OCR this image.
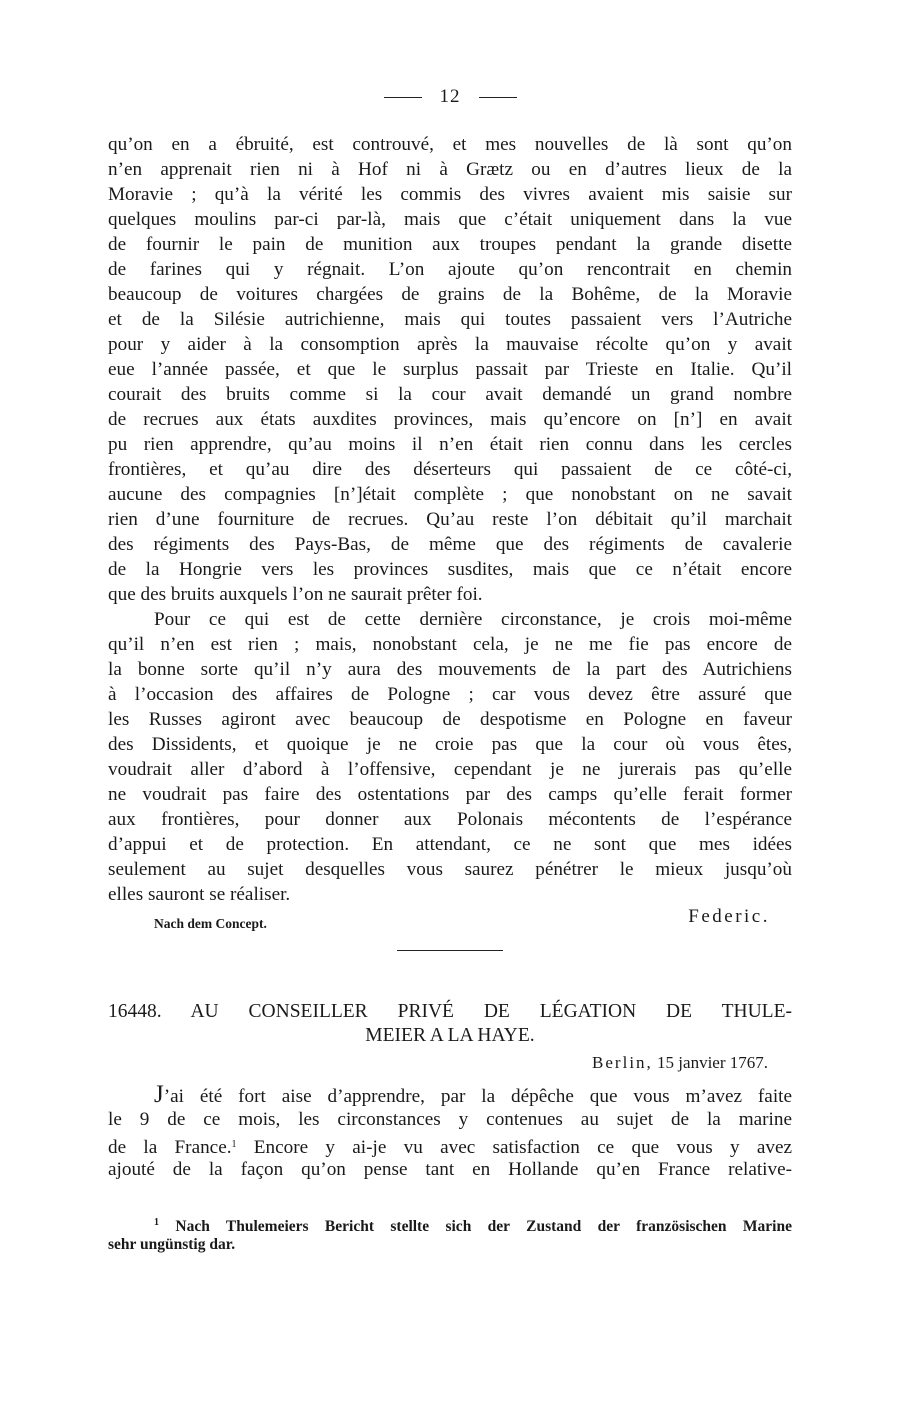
12
qu’on en a ébruité, est controuvé, et mes nouvelles de là sont qu’on
n’en apprenait rien ni à Hof ni à Grætz ou en d’autres lieux de la
Moravie ; qu’à la vérité les commis des vivres avaient mis saisie sur
quelques moulins par-ci par-là, mais que c’était uniquement dans la vue
de fournir le pain de munition aux troupes pendant la grande disette
de farines qui y régnait. L’on ajoute qu’on rencontrait en chemin
beaucoup de voitures chargées de grains de la Bohême, de la Moravie
et de la Silésie autrichienne, mais qui toutes passaient vers l’Autriche
pour y aider à la consomption après la mauvaise récolte qu’on y avait
eue l’année passée, et que le surplus passait par Trieste en Italie. Qu’il
courait des bruits comme si la cour avait demandé un grand nombre
de recrues aux états auxdites provinces, mais qu’encore on [n’] en avait
pu rien apprendre, qu’au moins il n’en était rien connu dans les cercles
frontières, et qu’au dire des déserteurs qui passaient de ce côté-ci,
aucune des compagnies [n’]était complète ; que nonobstant on ne savait
rien d’une fourniture de recrues. Qu’au reste l’on débitait qu’il marchait
des régiments des Pays-Bas, de même que des régiments de cavalerie
de la Hongrie vers les provinces susdites, mais que ce n’était encore
que des bruits auxquels l’on ne saurait prêter foi.
Pour ce qui est de cette dernière circonstance, je crois moi-même
qu’il n’en est rien ; mais, nonobstant cela, je ne me fie pas encore de
la bonne sorte qu’il n’y aura des mouvements de la part des Autrichiens
à l’occasion des affaires de Pologne ; car vous devez être assuré que
les Russes agiront avec beaucoup de despotisme en Pologne en faveur
des Dissidents, et quoique je ne croie pas que la cour où vous êtes,
voudrait aller d’abord à l’offensive, cependant je ne jurerais pas qu’elle
ne voudrait pas faire des ostentations par des camps qu’elle ferait former
aux frontières, pour donner aux Polonais mécontents de l’espérance
d’appui et de protection. En attendant, ce ne sont que mes idées
seulement au sujet desquelles vous saurez pénétrer le mieux jusqu’où
elles sauront se réaliser.
Nach dem Concept.	Federic.
16448. AU CONSEILLER PRIVÉ DE LÉGATION DE THULE-
MEIER A LA HAYE.
Berlin, 15 janvier 1767.
J’ai été fort aise d’apprendre, par la dépêche que vous m’avez faite
le 9 de ce mois, les circonstances y contenues au sujet de la marine
de la France.$^1$ Encore y ai-je vu avec satisfaction ce que vous y avez
ajouté de la façon qu’on pense tant en Hollande qu’en France relative-
$^1$ Nach Thulemeiers Bericht stellte sich der Zustand der französischen Marine
sehr ungünstig dar.
